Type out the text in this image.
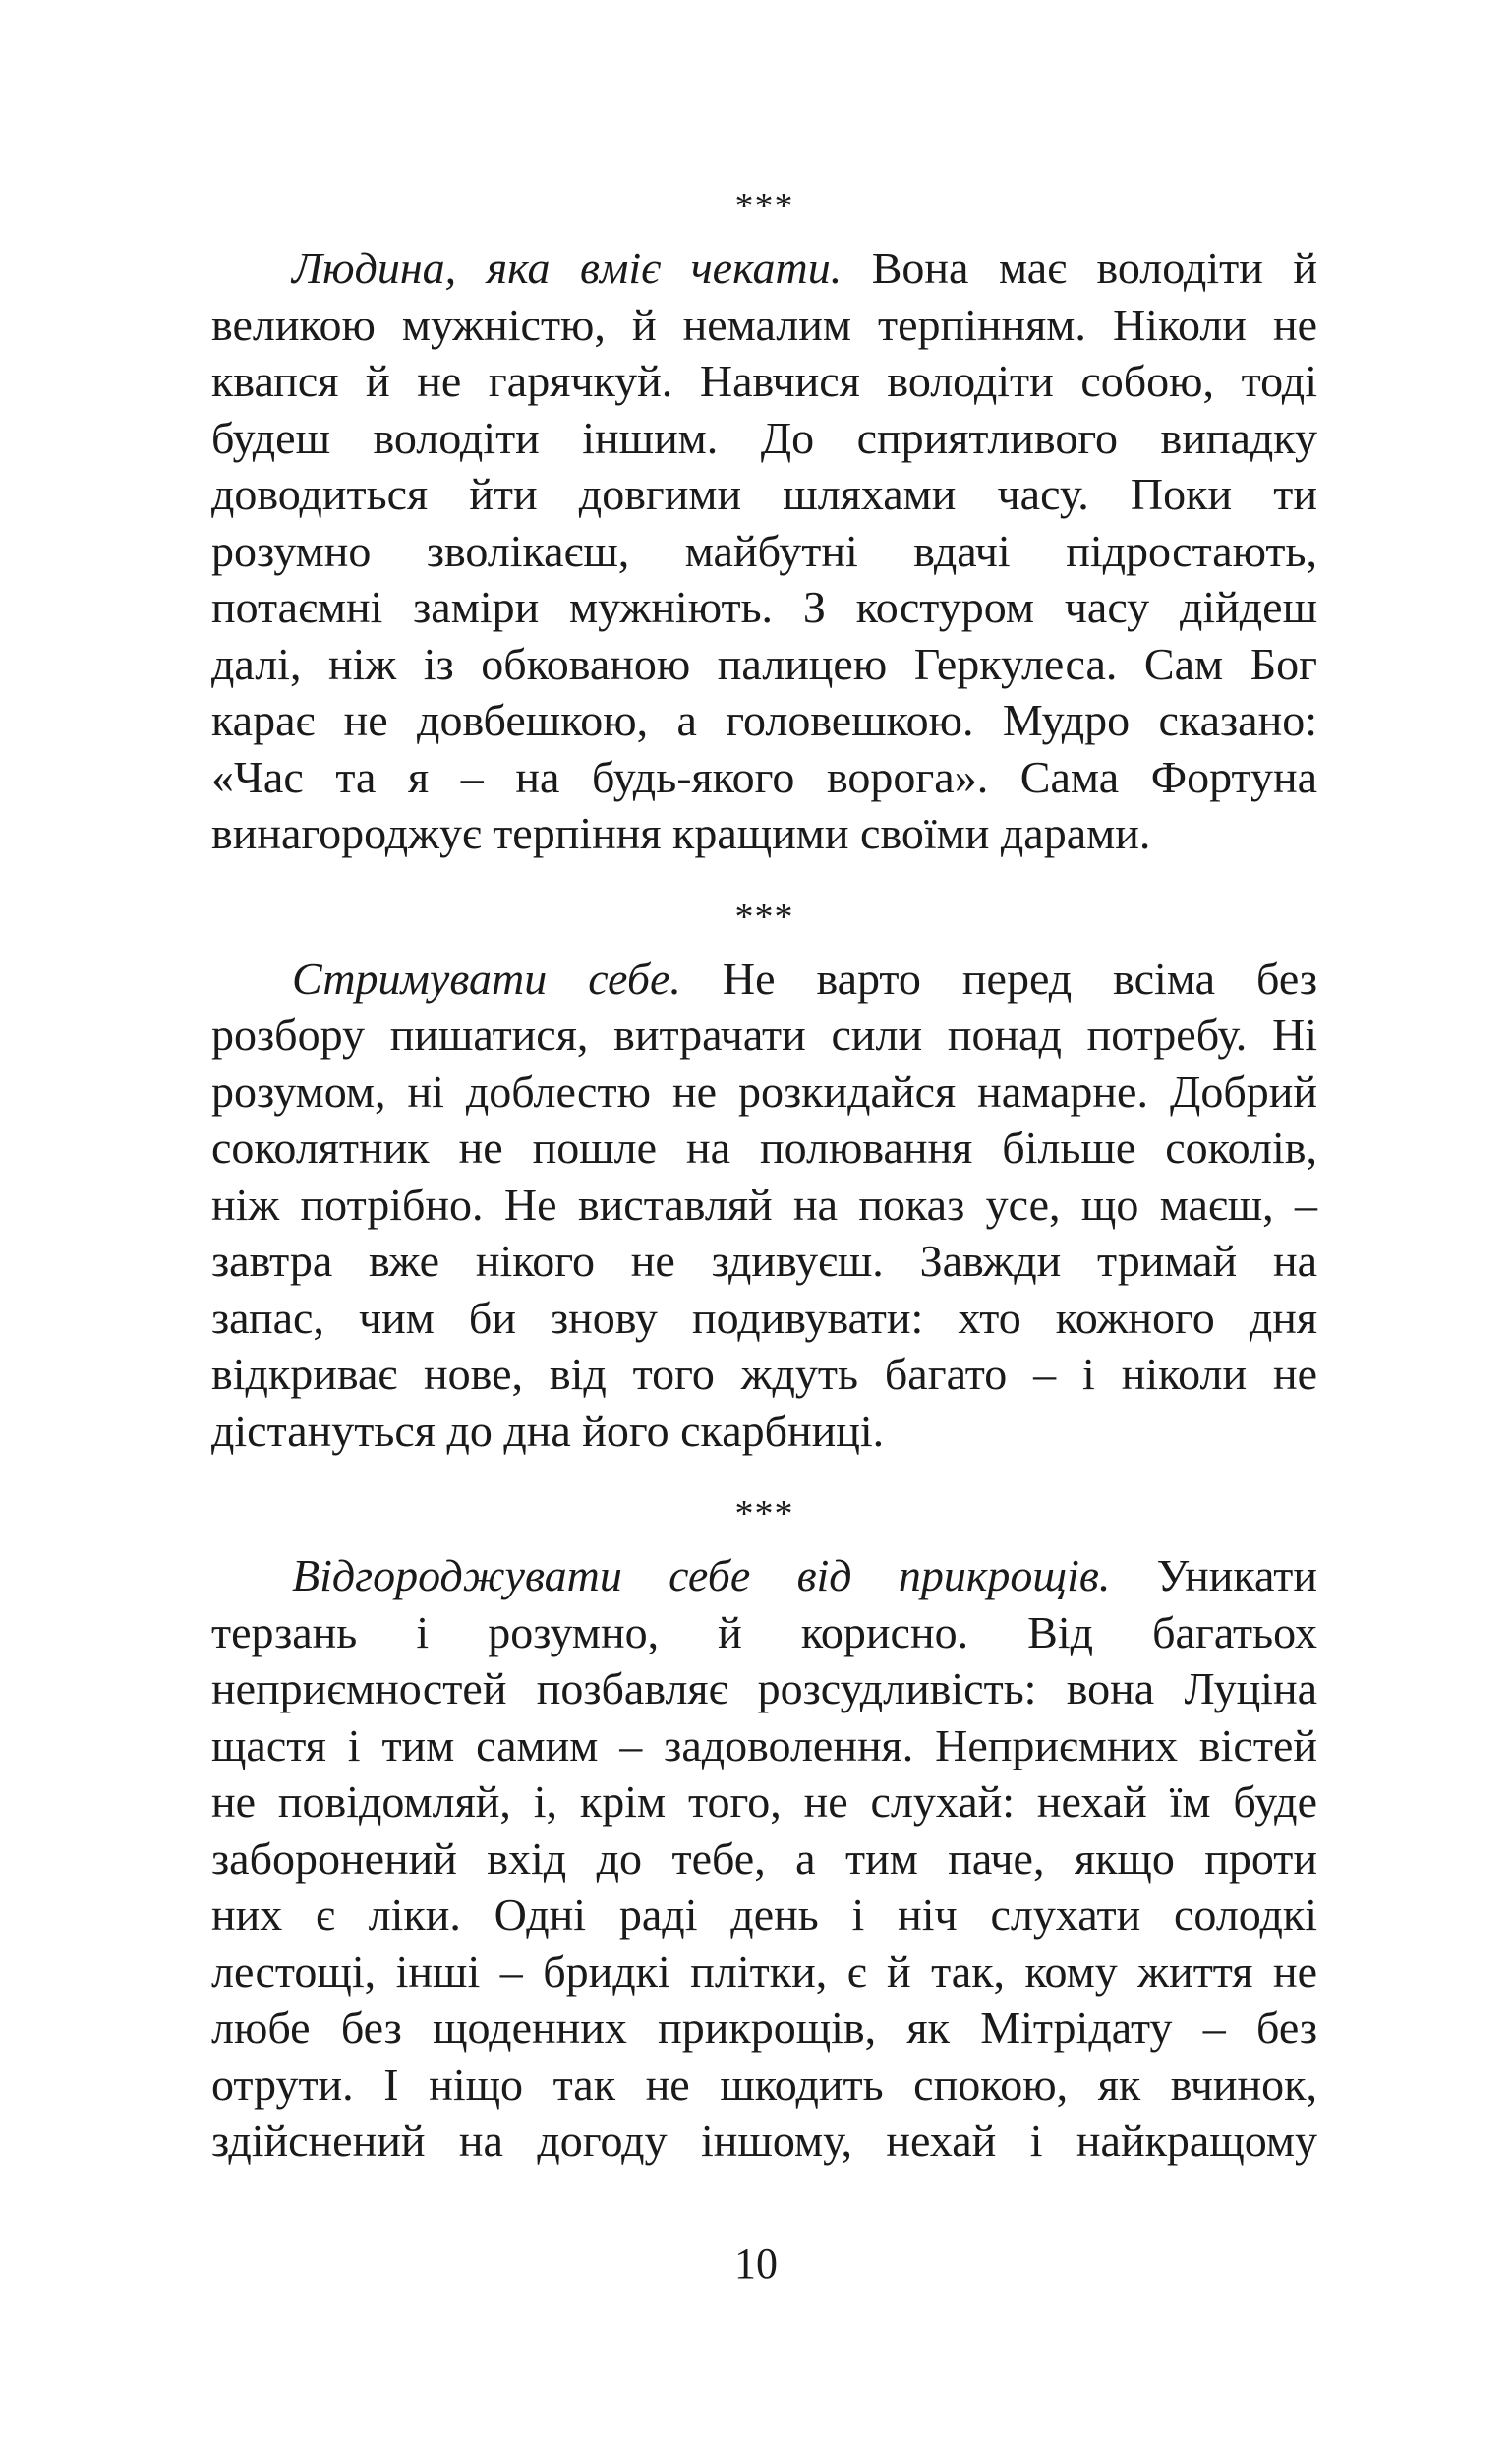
***
Людина, яка вміє чекати. Вона має володіти й
великою мужністю, й немалим терпінням. Ніколи не
квапся й не гарячкуй. Навчися володіти собою, тоді
будеш володіти іншим. До сприятливого випадку
доводиться йти довгими шляхами часу. Поки ти
розумно зволікаєш, майбутні вдачі підростають,
потаємні заміри мужніють. З костуром часу дійдеш
далі, ніж із обкованою палицею Геркулеса. Сам Бог
карає не довбешкою, а головешкою. Мудро сказано:
«Час та я – на будь-якого ворога». Сама Фортуна
винагороджує терпіння кращими своїми дарами.
***
Стримувати себе. Не варто перед всіма без
розбору пишатися, витрачати сили понад потребу. Ні
розумом, ні доблестю не розкидайся намарне. Добрий
соколятник не пошле на полювання більше соколів,
ніж потрібно. Не виставляй на показ усе, що маєш, –
завтра вже нікого не здивуєш. Завжди тримай на
запас, чим би знову подивувати: хто кожного дня
відкриває нове, від того ждуть багато – і ніколи не
дістануться до дна його скарбниці.
***
Відгороджувати себе від прикрощів. Уникати
терзань і розумно, й корисно. Від багатьох
неприємностей позбавляє розсудливість: вона Луціна
щастя і тим самим – задоволення. Неприємних вістей
не повідомляй, і, крім того, не слухай: нехай їм буде
заборонений вхід до тебе, а тим паче, якщо проти
них є ліки. Одні раді день і ніч слухати солодкі
лестощі, інші – бридкі плітки, є й так, кому життя не
любе без щоденних прикрощів, як Мітрідату – без
отрути. І ніщо так не шкодить спокою, як вчинок,
здійснений на догоду іншому, нехай і найкращому
10
